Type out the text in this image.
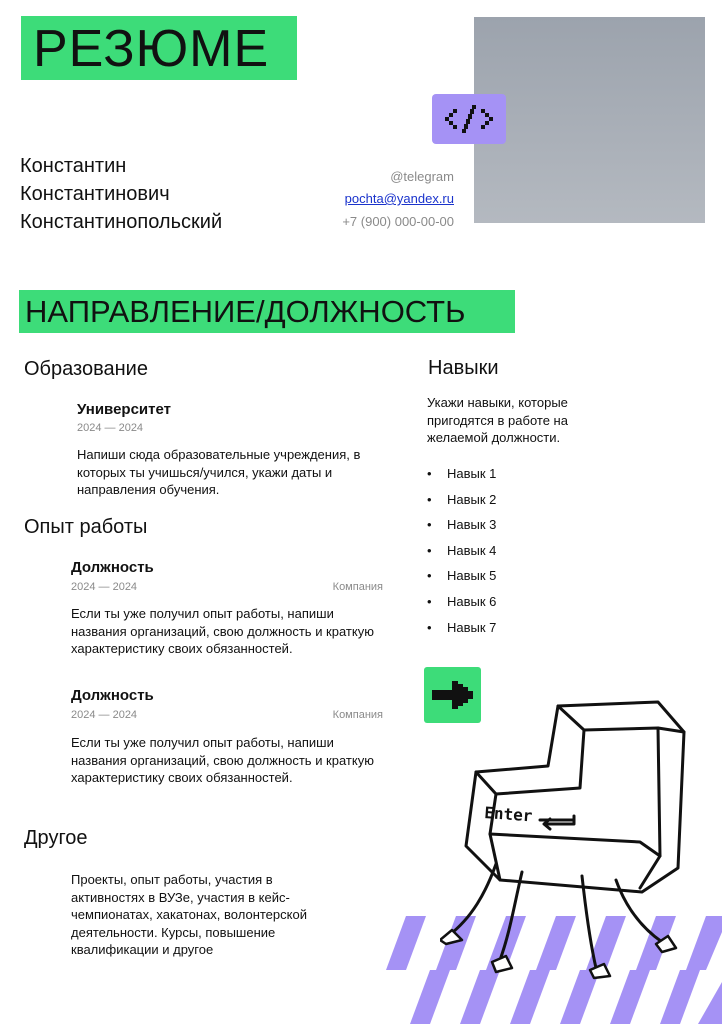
РЕЗЮМЕ
Константин
Константинович
Константинопольский
@telegram
pochta@yandex.ru
+7 (900) 000-00-00
НАПРАВЛЕНИЕ/ДОЛЖНОСТЬ
Образование
Университет
2024 — 2024
Напиши сюда образовательные учреждения, в которых ты учишься/учился, укажи даты и направления обучения.
Опыт работы
Должность
2024 — 2024	Компания
Если ты уже получил опыт работы, напиши названия организаций, свою должность и краткую характеристику своих обязанностей.
Должность
2024 — 2024	Компания
Если ты уже получил опыт работы, напиши названия организаций, свою должность и краткую характеристику своих обязанностей.
Другое
Проекты, опыт работы, участия в активностях в ВУЗе, участия в кейс-чемпионатах, хакатонах, волонтерской деятельности. Курсы, повышение квалификации и другое
Навыки
Укажи навыки, которые пригодятся в работе на желаемой должности.
• Навык 1
• Навык 2
• Навык 3
• Навык 4
• Навык 5
• Навык 6
• Навык 7
Enter
